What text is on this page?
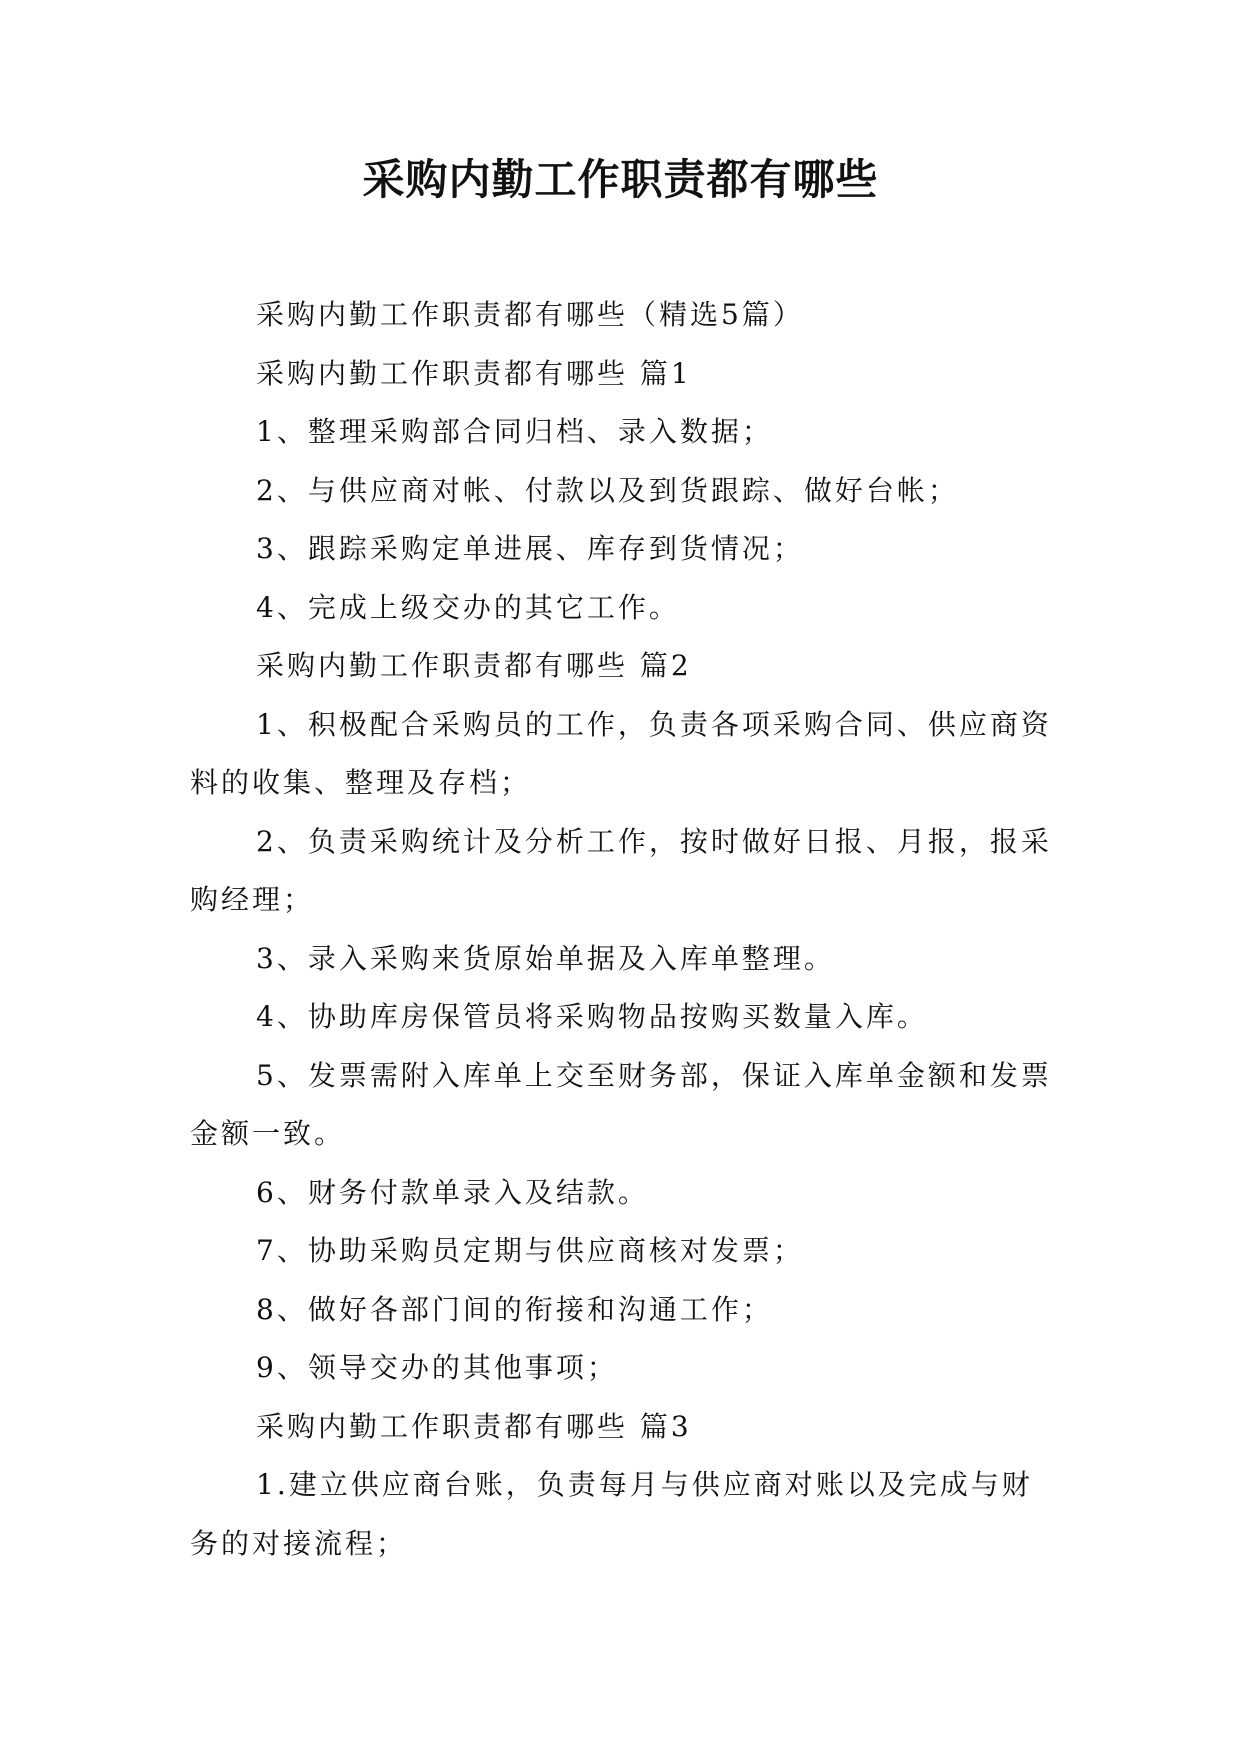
采购内勤工作职责都有哪些

采购内勤工作职责都有哪些（精选5篇）

采购内勤工作职责都有哪些 篇1

1、整理采购部合同归档、录入数据；

2、与供应商对帐、付款以及到货跟踪、做好台帐；

3、跟踪采购定单进展、库存到货情况；

4、完成上级交办的其它工作。

采购内勤工作职责都有哪些 篇2

1、积极配合采购员的工作，负责各项采购合同、供应商资料的收集、整理及存档；

2、负责采购统计及分析工作，按时做好日报、月报，报采购经理；

3、录入采购来货原始单据及入库单整理。

4、协助库房保管员将采购物品按购买数量入库。

5、发票需附入库单上交至财务部，保证入库单金额和发票金额一致。

6、财务付款单录入及结款。

7、协助采购员定期与供应商核对发票；

8、做好各部门间的衔接和沟通工作；

9、领导交办的其他事项；

采购内勤工作职责都有哪些 篇3

1.建立供应商台账，负责每月与供应商对账以及完成与财务的对接流程；
